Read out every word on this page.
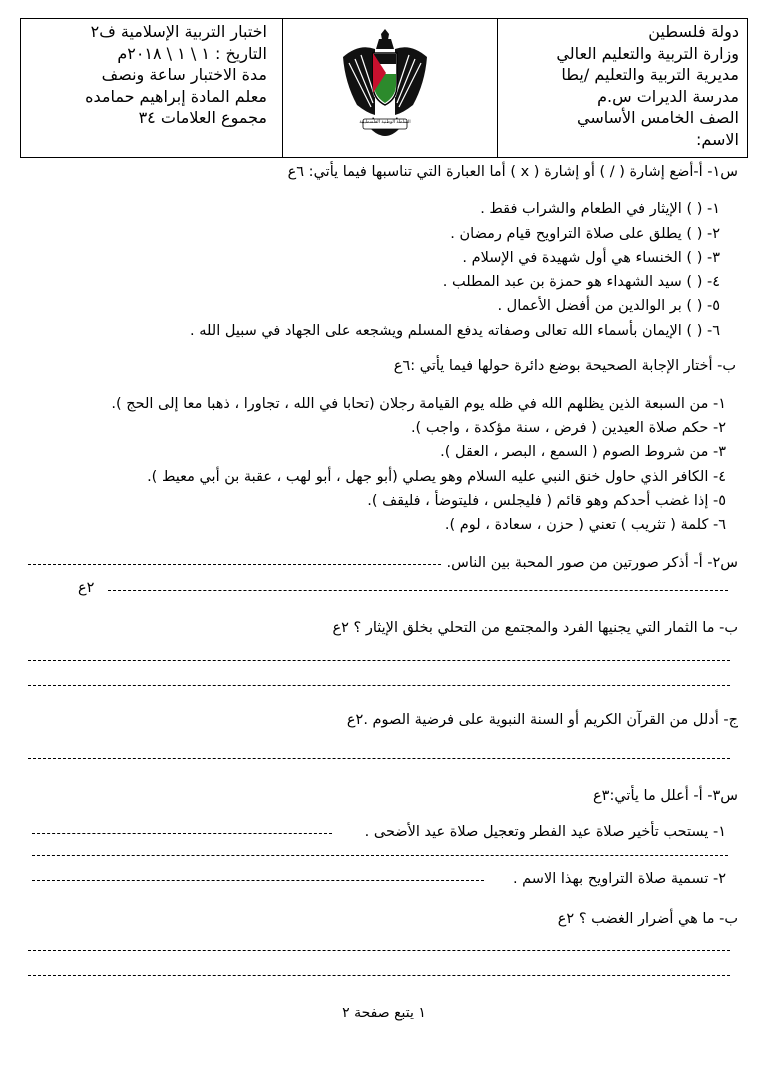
دولة فلسطين
وزارة التربية والتعليم العالي
مديرية التربية والتعليم /يطا
مدرسة الديرات س.م
الصف الخامس الأساسي
الاسم:
السلطة الوطنية الفلسطينية
اختبار التربية الإسلامية ف٢
التاريخ : ١ \ ١ \ ٢٠١٨م
مدة الاختبار ساعة ونصف
معلم المادة إبراهيم حمامده
مجموع العلامات ٣٤
س١- أ-أضع إشارة ( / ) أو إشارة ( x ) أما العبارة التي تناسبها فيما يأتي: ٦ع
١- ( ) الإيثار في الطعام والشراب فقط .
٢- ( ) يطلق على صلاة التراويح قيام رمضان .
٣- ( ) الخنساء هي أول شهيدة في الإسلام .
٤- ( ) سيد الشهداء هو حمزة بن عبد المطلب .
٥- ( ) بر الوالدين من أفضل الأعمال .
٦- ( ) الإيمان بأسماء الله تعالى وصفاته يدفع المسلم ويشجعه على الجهاد في سبيل الله .
ب- أختار الإجابة الصحيحة بوضع دائرة حولها فيما يأتي :٦ع
١- من السبعة الذين يظلهم الله في ظله يوم القيامة رجلان (تحابا في الله ، تجاورا ، ذهبا معا إلى الحج ).
٢- حكم صلاة العيدين ( فرض ، سنة مؤكدة ، واجب ).
٣- من شروط الصوم ( السمع ، البصر ، العقل ).
٤- الكافر الذي حاول خنق النبي عليه السلام وهو يصلي (أبو جهل ، أبو لهب ، عقبة بن أبي معيط ).
٥- إذا غضب أحدكم وهو قائم ( فليجلس ، فليتوضأ ، فليقف ).
٦- كلمة ( تثريب ) تعني ( حزن ، سعادة ، لوم ).
س٢- أ- أذكر صورتين من صور المحبة بين الناس.
٢ع
ب- ما الثمار التي يجنيها الفرد والمجتمع من التحلي بخلق الإيثار ؟ ٢ع
ج- أدلل من القرآن الكريم أو السنة النبوية على فرضية الصوم .٢ع
س٣- أ- أعلل ما يأتي:٣ع
١- يستحب تأخير صلاة عيد الفطر وتعجيل صلاة عيد الأضحى .
٢- تسمية صلاة التراويح بهذا الاسم .
ب- ما هي أضرار الغضب ؟ ٢ع
١ يتبع صفحة ٢
